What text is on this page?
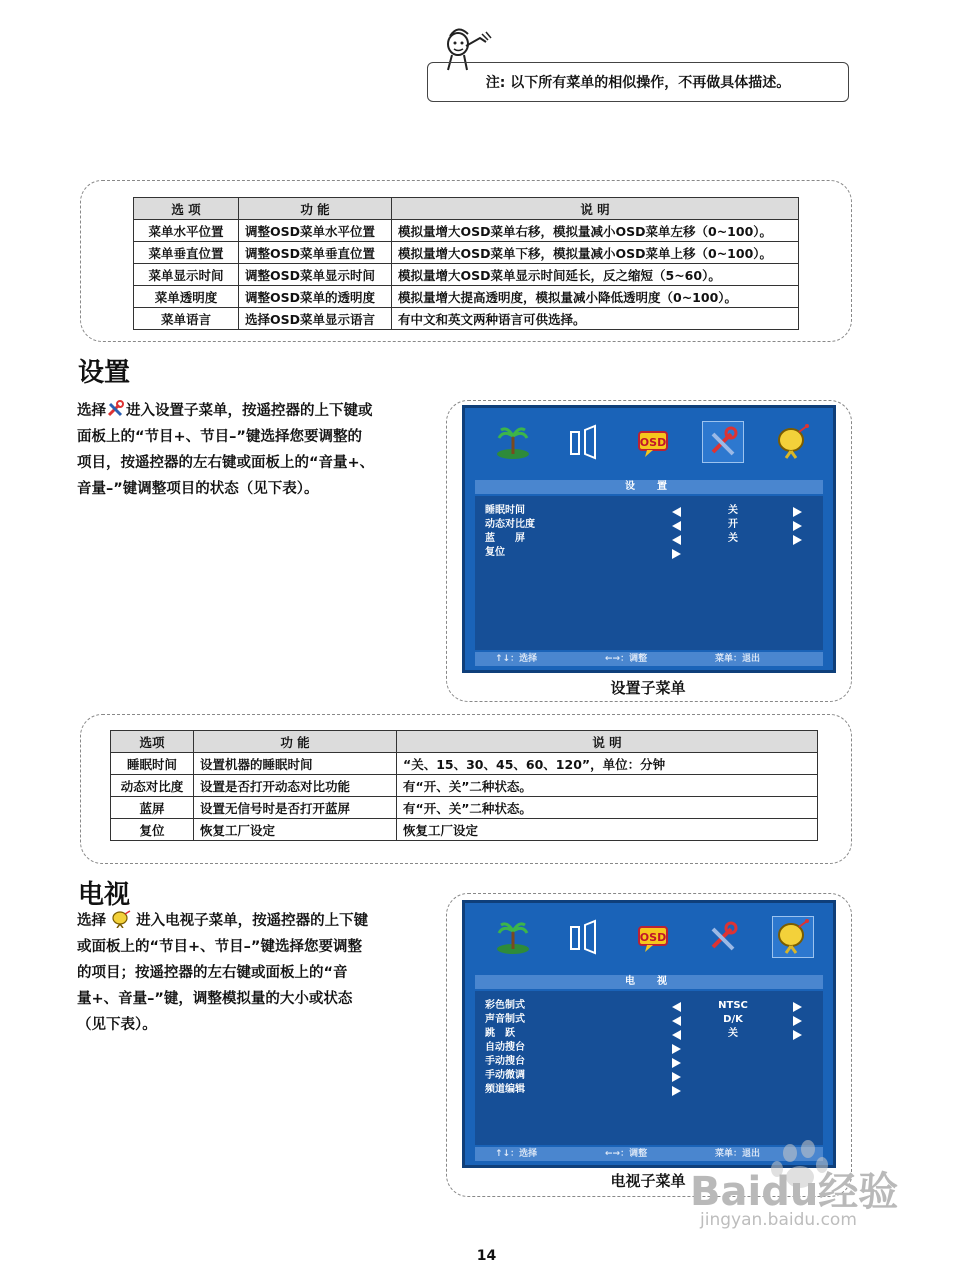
注: 以下所有菜单的相似操作，不再做具体描述。
选 项	功 能	说 明
菜单水平位置	调整OSD菜单水平位置	模拟量增大OSD菜单右移，模拟量减小OSD菜单左移（0~100）。
菜单垂直位置	调整OSD菜单垂直位置	模拟量增大OSD菜单下移，模拟量减小OSD菜单上移（0~100）。
菜单显示时间	调整OSD菜单显示时间	模拟量增大OSD菜单显示时间延长，反之缩短（5~60）。
菜单透明度	调整OSD菜单的透明度	模拟量增大提高透明度，模拟量减小降低透明度（0~100）。
菜单语言	选择OSD菜单显示语言	有中文和英文两种语言可供选择。
设置
选择 进入设置子菜单，按遥控器的上下键或
面板上的“节目+、节目–”键选择您要调整的
项目，按遥控器的左右键或面板上的“音量+、
音量–”键调整项目的状态（见下表）。
OSD
设　置
睡眠时间	关
动态对比度	开
蓝　　屏	关
复位
↑↓：选择	←→：调整	菜单：退出
设置子菜单
选项	功 能	说 明
睡眠时间	设置机器的睡眠时间	“关、15、30、45、60、120”，单位：分钟
动态对比度	设置是否打开动态对比功能	有“开、关”二种状态。
蓝屏	设置无信号时是否打开蓝屏	有“开、关”二种状态。
复位	恢复工厂设定	恢复工厂设定
电视
选择 进入电视子菜单，按遥控器的上下键
或面板上的“节目+、节目–”键选择您要调整
的项目；按遥控器的左右键或面板上的“音
量+、音量–”键，调整模拟量的大小或状态
（见下表）。
OSD
电　视
彩色制式	NTSC
声音制式	D/K
跳　跃	关
自动搜台
手动搜台
手动微调
频道编辑
↑↓：选择	←→：调整	菜单：退出
电视子菜单 Baidu经验
jingyan.baidu.com
14
